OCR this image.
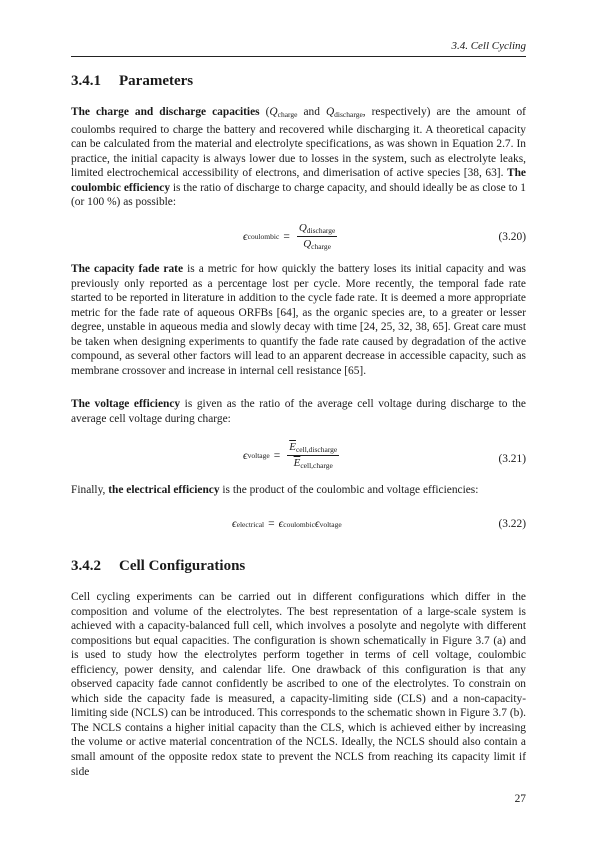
3.4. Cell Cycling
3.4.1 Parameters

The charge and discharge capacities ($Q_{charge}$ and $Q_{discharge}$, respectively) are the amount of coulombs required to charge the battery and recovered while discharging it. A theoretical capacity can be calculated from the material and electrolyte specifications, as was shown in Equation 2.7. In practice, the initial capacity is always lower due to losses in the system, such as electrolyte leaks, limited electrochemical accessibility of electrons, and dimerisation of active species [38, 63]. The coulombic efficiency is the ratio of discharge to charge capacity, and should ideally be as close to 1 (or 100 %) as possible:

ϵ coulombic = $\frac{Q_{discharge}}{Q_{charge}}$	(3.20)

The capacity fade rate is a metric for how quickly the battery loses its initial capacity and was previously only reported as a percentage lost per cycle. More recently, the temporal fade rate started to be reported in literature in addition to the cycle fade rate. It is deemed a more appropriate metric for the fade rate of aqueous ORFBs [64], as the organic species are, to a greater or lesser degree, unstable in aqueous media and slowly decay with time [24, 25, 32, 38, 65]. Great care must be taken when designing experiments to quantify the fade rate caused by degradation of the active compound, as several other factors will lead to an apparent decrease in accessible capacity, such as membrane crossover and increase in internal cell resistance [65].

The voltage efficiency is given as the ratio of the average cell voltage during discharge to the average cell voltage during charge:

ϵ voltage = $\frac{\overline{E}_{cell,discharge}}{\overline{E}_{cell,charge}}$	(3.21)

Finally, the electrical efficiency is the product of the coulombic and voltage efficiencies:

ϵ electrical = ϵ coulombic ϵ voltage	(3.22)
3.4.2 Cell Configurations

Cell cycling experiments can be carried out in different configurations which differ in the composition and volume of the electrolytes. The best representation of a large-scale system is achieved with a capacity-balanced full cell, which involves a posolyte and negolyte with different compositions but equal capacities. The configuration is shown schematically in Figure 3.7 (a) and is used to study how the electrolytes perform together in terms of cell voltage, coulombic efficiency, power density, and calendar life. One drawback of this configuration is that any observed capacity fade cannot confidently be ascribed to one of the electrolytes. To constrain on which side the capacity fade is measured, a capacity-limiting side (CLS) and a non-capacity-limiting side (NCLS) can be introduced. This corresponds to the schematic shown in Figure 3.7 (b). The NCLS contains a higher initial capacity than the CLS, which is achieved either by increasing the volume or active material concentration of the NCLS. Ideally, the NCLS should also contain a small amount of the opposite redox state to prevent the NCLS from reaching its capacity limit if side

27
